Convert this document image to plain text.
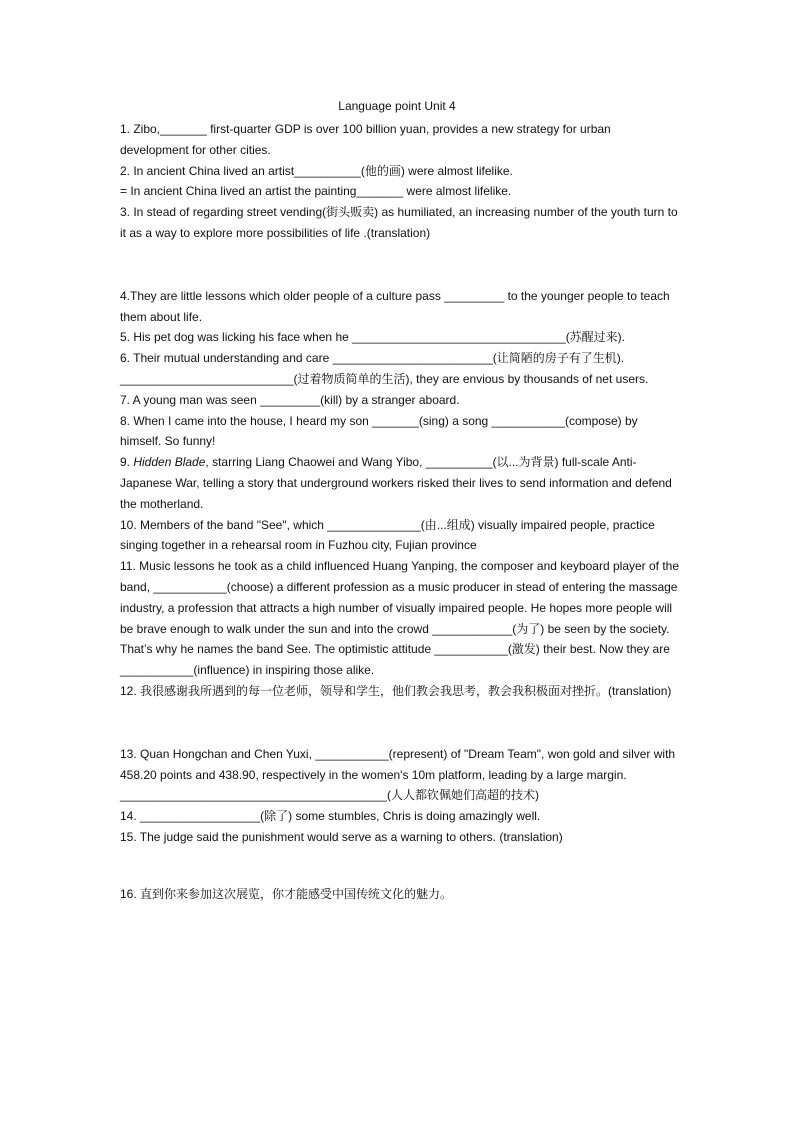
Language point Unit 4

1. Zibo,_______ first-quarter GDP is over 100 billion yuan, provides a new strategy for urban development for other cities.

2. In ancient China lived an artist__________(他的画) were almost lifelike.

= In ancient China lived an artist the painting_______ were almost lifelike.

3. In stead of regarding street vending(街头贩卖) as humiliated, an increasing number of the youth turn to it as a way to explore more possibilities of life .(translation)

4.They are little lessons which older people of a culture pass _________ to the younger people to teach them about life.

5. His pet dog was licking his face when he ________________________________(苏醒过来).

6. Their mutual understanding and care ________________________(让简陋的房子有了生机). __________________________(过着物质简单的生活), they are envious by thousands of net users.

7. A young man was seen _________(kill) by a stranger aboard.

8. When I came into the house, I heard my son _______(sing) a song ___________(compose) by himself. So funny!

9. Hidden Blade, starring Liang Chaowei and Wang Yibo, __________(以...为背景) full-scale Anti-Japanese War, telling a story that underground workers risked their lives to send information and defend the motherland.

10. Members of the band "See", which ______________(由...组成) visually impaired people, practice singing together in a rehearsal room in Fuzhou city, Fujian province

11. Music lessons he took as a child influenced Huang Yanping, the composer and keyboard player of the band, ___________(choose) a different profession as a music producer in stead of entering the massage industry, a profession that attracts a high number of visually impaired people. He hopes more people will be brave enough to walk under the sun and into the crowd ____________(为了) be seen by the society. That’s why he names the band See. The optimistic attitude ___________(激发) their best. Now they are ___________(influence) in inspiring those alike.

12. 我很感谢我所遇到的每一位老师，领导和学生，他们教会我思考，教会我积极面对挫折。(translation)

13. Quan Hongchan and Chen Yuxi, ___________(represent) of "Dream Team", won gold and silver with 458.20 points and 438.90, respectively in the women's 10m platform, leading by a large margin. ________________________________________(人人都钦佩她们高超的技术)

14. __________________(除了) some stumbles, Chris is doing amazingly well.

15. The judge said the punishment would serve as a warning to others. (translation)

16. 直到你来参加这次展览，你才能感受中国传统文化的魅力。
